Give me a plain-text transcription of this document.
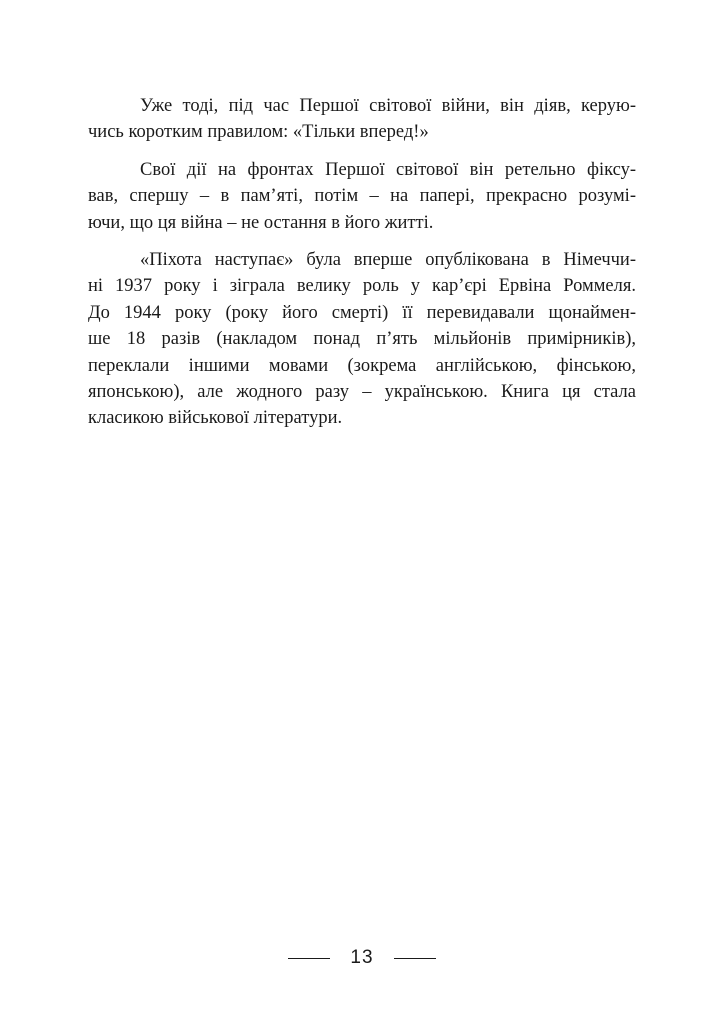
Уже тоді, під час Першої світової війни, він діяв, керую-
чись коротким правилом: «Тільки вперед!»

Свої дії на фронтах Першої світової він ретельно фіксу-
вав, спершу – в пам’яті, потім – на папері, прекрасно розумі-
ючи, що ця війна – не остання в його житті.

«Піхота наступає» була вперше опублікована в Німеччи-
ні 1937 року і зіграла велику роль у кар’єрі Ервіна Роммеля.
До 1944 року (року його смерті) її перевидавали щонаймен-
ше 18 разів (накладом понад п’ять мільйонів примірників),
переклали іншими мовами (зокрема англійською, фінською,
японською), але жодного разу – українською. Книга ця стала
класикою військової літератури.

13
